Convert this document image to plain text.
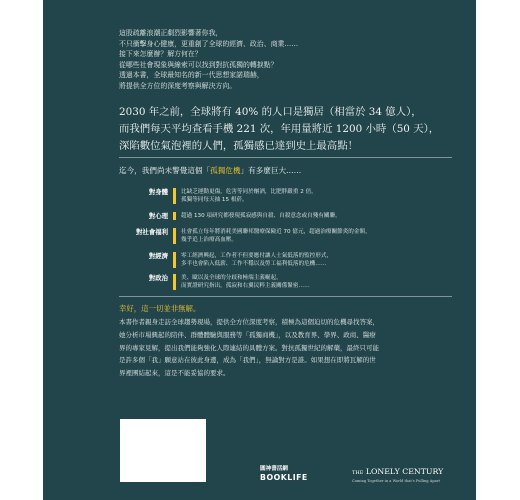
這股疏離浪潮正劇烈影響著你我，
不只衝擊身心健康，更重創了全球的經濟、政治、商業……
接下來怎麼辦？解方何在？
從哪些社會現象與線索可以找到對抗孤獨的轉捩點？
透過本書，全球最知名的新一代思想家諾瑞赫，
將提供全方位的深度考察與解決方向。
2030 年之前，全球將有 40% 的人口是獨居（相當於 34 億人），
而我們每天平均查看手機 221 次，年用量將近 1200 小時（50 天），
深陷數位氣泡裡的人們，孤獨感已達到史上最高點！
迄今，我們尚未警覺這個「孤獨危機」有多麼巨大……
對身體 比缺乏運動更傷，危害等同於酗酒，比肥胖嚴重 2 倍，
孤獨等同每天抽 15 根菸。
對心理 超過 130 項研究都發現孤寂感與自殺、自殺意念或自殘有關聯。
對社會福利 社會孤立每年將消耗美國聯邦醫療保險近 70 億元，超過治療關節炎的金額，
幾乎追上治療高血壓。
對經濟 零工經濟興起，工作者不但要應付讓人士氣低落的監控形式，
多半也會陷入低薪、工作不穩以及勞工福利低落的危機……
對政治 美、歐以及全球的分歧和極端主義崛起，
而實證研究指出，孤寂和右翼民粹主義關係緊密……
幸好，這一切並非無解。
本書作者親身走訪全球趨勢現場，提供全方位深度考察，積極為這個迫切的危機尋找答案，
她分析市場興起的陪伴、群體體驗與服務等「孤獨商機」，以及教育界、學界、政商、醫療
界的專家見解，提出我們能夠強化人際連結的具體方案。對抗孤獨世紀的解藥，最終只可能
是許多個「我」願意站在彼此身邊，成為「我們」，無論對方是誰。如果想在即將瓦解的世
界裡團結起來，這是不能妥協的要求。
圓神書活網
BOOKLIFE	THE LONELY CENTURY
Coming Together in a World that's Pulling Apart
